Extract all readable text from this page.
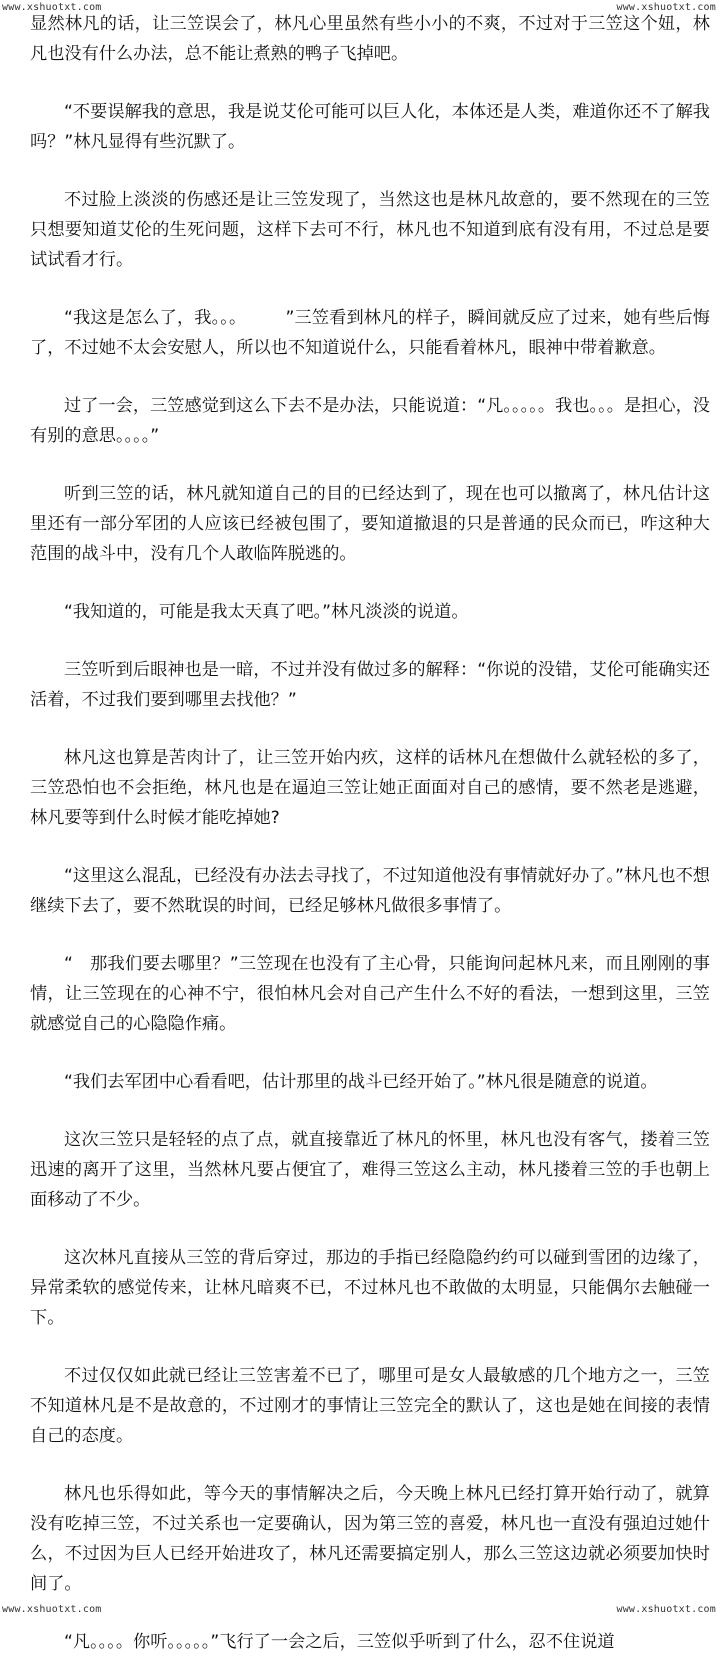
www.xshuotxt.com	www.xshuotxt.com
www.xshuotxt.com	www.xshuotxt.com

显然林凡的话，让三笠误会了，林凡心里虽然有些小小的不爽，不过对于三笠这个妞，林凡也没有什么办法，总不能让煮熟的鸭子飞掉吧。

“不要误解我的意思，我是说艾伦可能可以巨人化，本体还是人类，难道你还不了解我吗？”林凡显得有些沉默了。

不过脸上淡淡的伤感还是让三笠发现了，当然这也是林凡故意的，要不然现在的三笠只想要知道艾伦的生死问题，这样下去可不行，林凡也不知道到底有没有用，不过总是要试试看才行。

“我这是怎么了，我。。。       ”三笠看到林凡的样子，瞬间就反应了过来，她有些后悔了，不过她不太会安慰人，所以也不知道说什么，只能看着林凡，眼神中带着歉意。

过了一会，三笠感觉到这么下去不是办法，只能说道：“凡。。。。。我也。。。是担心，没有别的意思。。。。”

听到三笠的话，林凡就知道自己的目的已经达到了，现在也可以撤离了，林凡估计这里还有一部分军团的人应该已经被包围了，要知道撤退的只是普通的民众而已，咋这种大范围的战斗中，没有几个人敢临阵脱逃的。

“我知道的，可能是我太天真了吧。”林凡淡淡的说道。

三笠听到后眼神也是一暗，不过并没有做过多的解释：“你说的没错，艾伦可能确实还活着，不过我们要到哪里去找他？”

林凡这也算是苦肉计了，让三笠开始内疚，这样的话林凡在想做什么就轻松的多了，三笠恐怕也不会拒绝，林凡也是在逼迫三笠让她正面面对自己的感情，要不然老是逃避，林凡要等到什么时候才能吃掉她?

“这里这么混乱，已经没有办法去寻找了，不过知道他没有事情就好办了。”林凡也不想继续下去了，要不然耽误的时间，已经足够林凡做很多事情了。

“   那我们要去哪里？”三笠现在也没有了主心骨，只能询问起林凡来，而且刚刚的事情，让三笠现在的心神不宁，很怕林凡会对自己产生什么不好的看法，一想到这里，三笠就感觉自己的心隐隐作痛。

“我们去军团中心看看吧，估计那里的战斗已经开始了。”林凡很是随意的说道。

这次三笠只是轻轻的点了点，就直接靠近了林凡的怀里，林凡也没有客气，搂着三笠迅速的离开了这里，当然林凡要占便宜了，难得三笠这么主动，林凡搂着三笠的手也朝上面移动了不少。

这次林凡直接从三笠的背后穿过，那边的手指已经隐隐约约可以碰到雪团的边缘了，异常柔软的感觉传来，让林凡暗爽不已，不过林凡也不敢做的太明显，只能偶尔去触碰一下。

不过仅仅如此就已经让三笠害羞不已了，哪里可是女人最敏感的几个地方之一，三笠不知道林凡是不是故意的，不过刚才的事情让三笠完全的默认了，这也是她在间接的表情自己的态度。

林凡也乐得如此，等今天的事情解决之后，今天晚上林凡已经打算开始行动了，就算没有吃掉三笠，不过关系也一定要确认，因为第三笠的喜爱，林凡也一直没有强迫过她什么，不过因为巨人已经开始进攻了，林凡还需要搞定别人，那么三笠这边就必须要加快时间了。

“凡。。。。你听。。。。。”飞行了一会之后，三笠似乎听到了什么，忍不住说道
